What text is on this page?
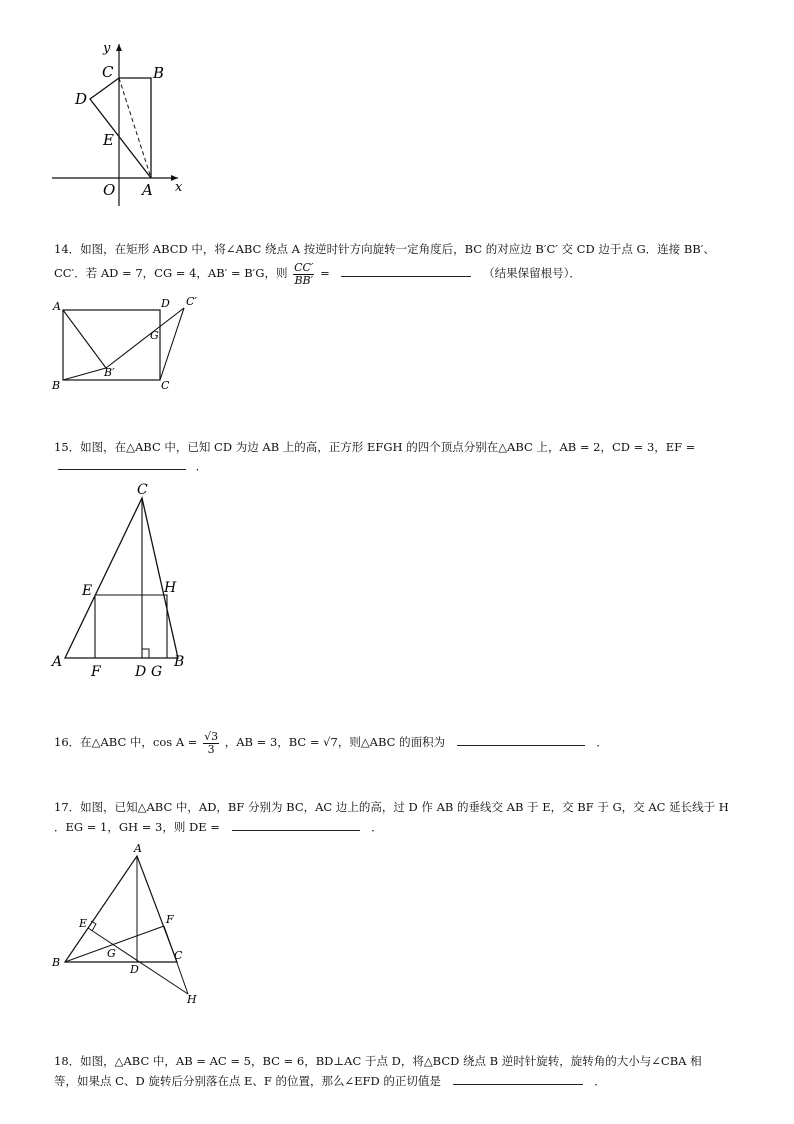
y
C	B
D
E
O A x
14．如图，在矩形 ABCD 中，将∠ABC 绕点 A 按逆时针方向旋转一定角度后，BC 的对应边 B′C′ 交 CD 边于点 G．连接 BB′、
CC′．若 AD = 7，CG = 4，AB′ = B′G，则 $\frac{CC'}{BB'}$ =	（结果保留根号）．
A	D C′
G
B′
B	C
15．如图，在△ABC 中，已知 CD 为边 AB 上的高，正方形 EFGH 的四个顶点分别在△ABC 上，AB = 2，CD = 3，EF =
．
C
E	H
A
F D G
B
16．在△ABC 中，$\cos A = \frac{√3}{3}$ ，AB = 3，BC = √7，则△ABC 的面积为	．
17．如图，已知△ABC 中，AD，BF 分别为 BC，AC 边上的高，过 D 作 AB 的垂线交 AB 于 E，交 BF 于 G，交 AC 延长线于 H
．EG = 1，GH = 3，则 DE =	．
A
E	F
G
B
C
D
H
18．如图，△ABC 中，AB = AC = 5，BC = 6，BD⊥AC 于点 D，将△BCD 绕点 B 逆时针旋转，旋转角的大小与∠CBA 相
等，如果点 C、D 旋转后分别落在点 E、F 的位置，那么∠EFD 的正切值是	．
